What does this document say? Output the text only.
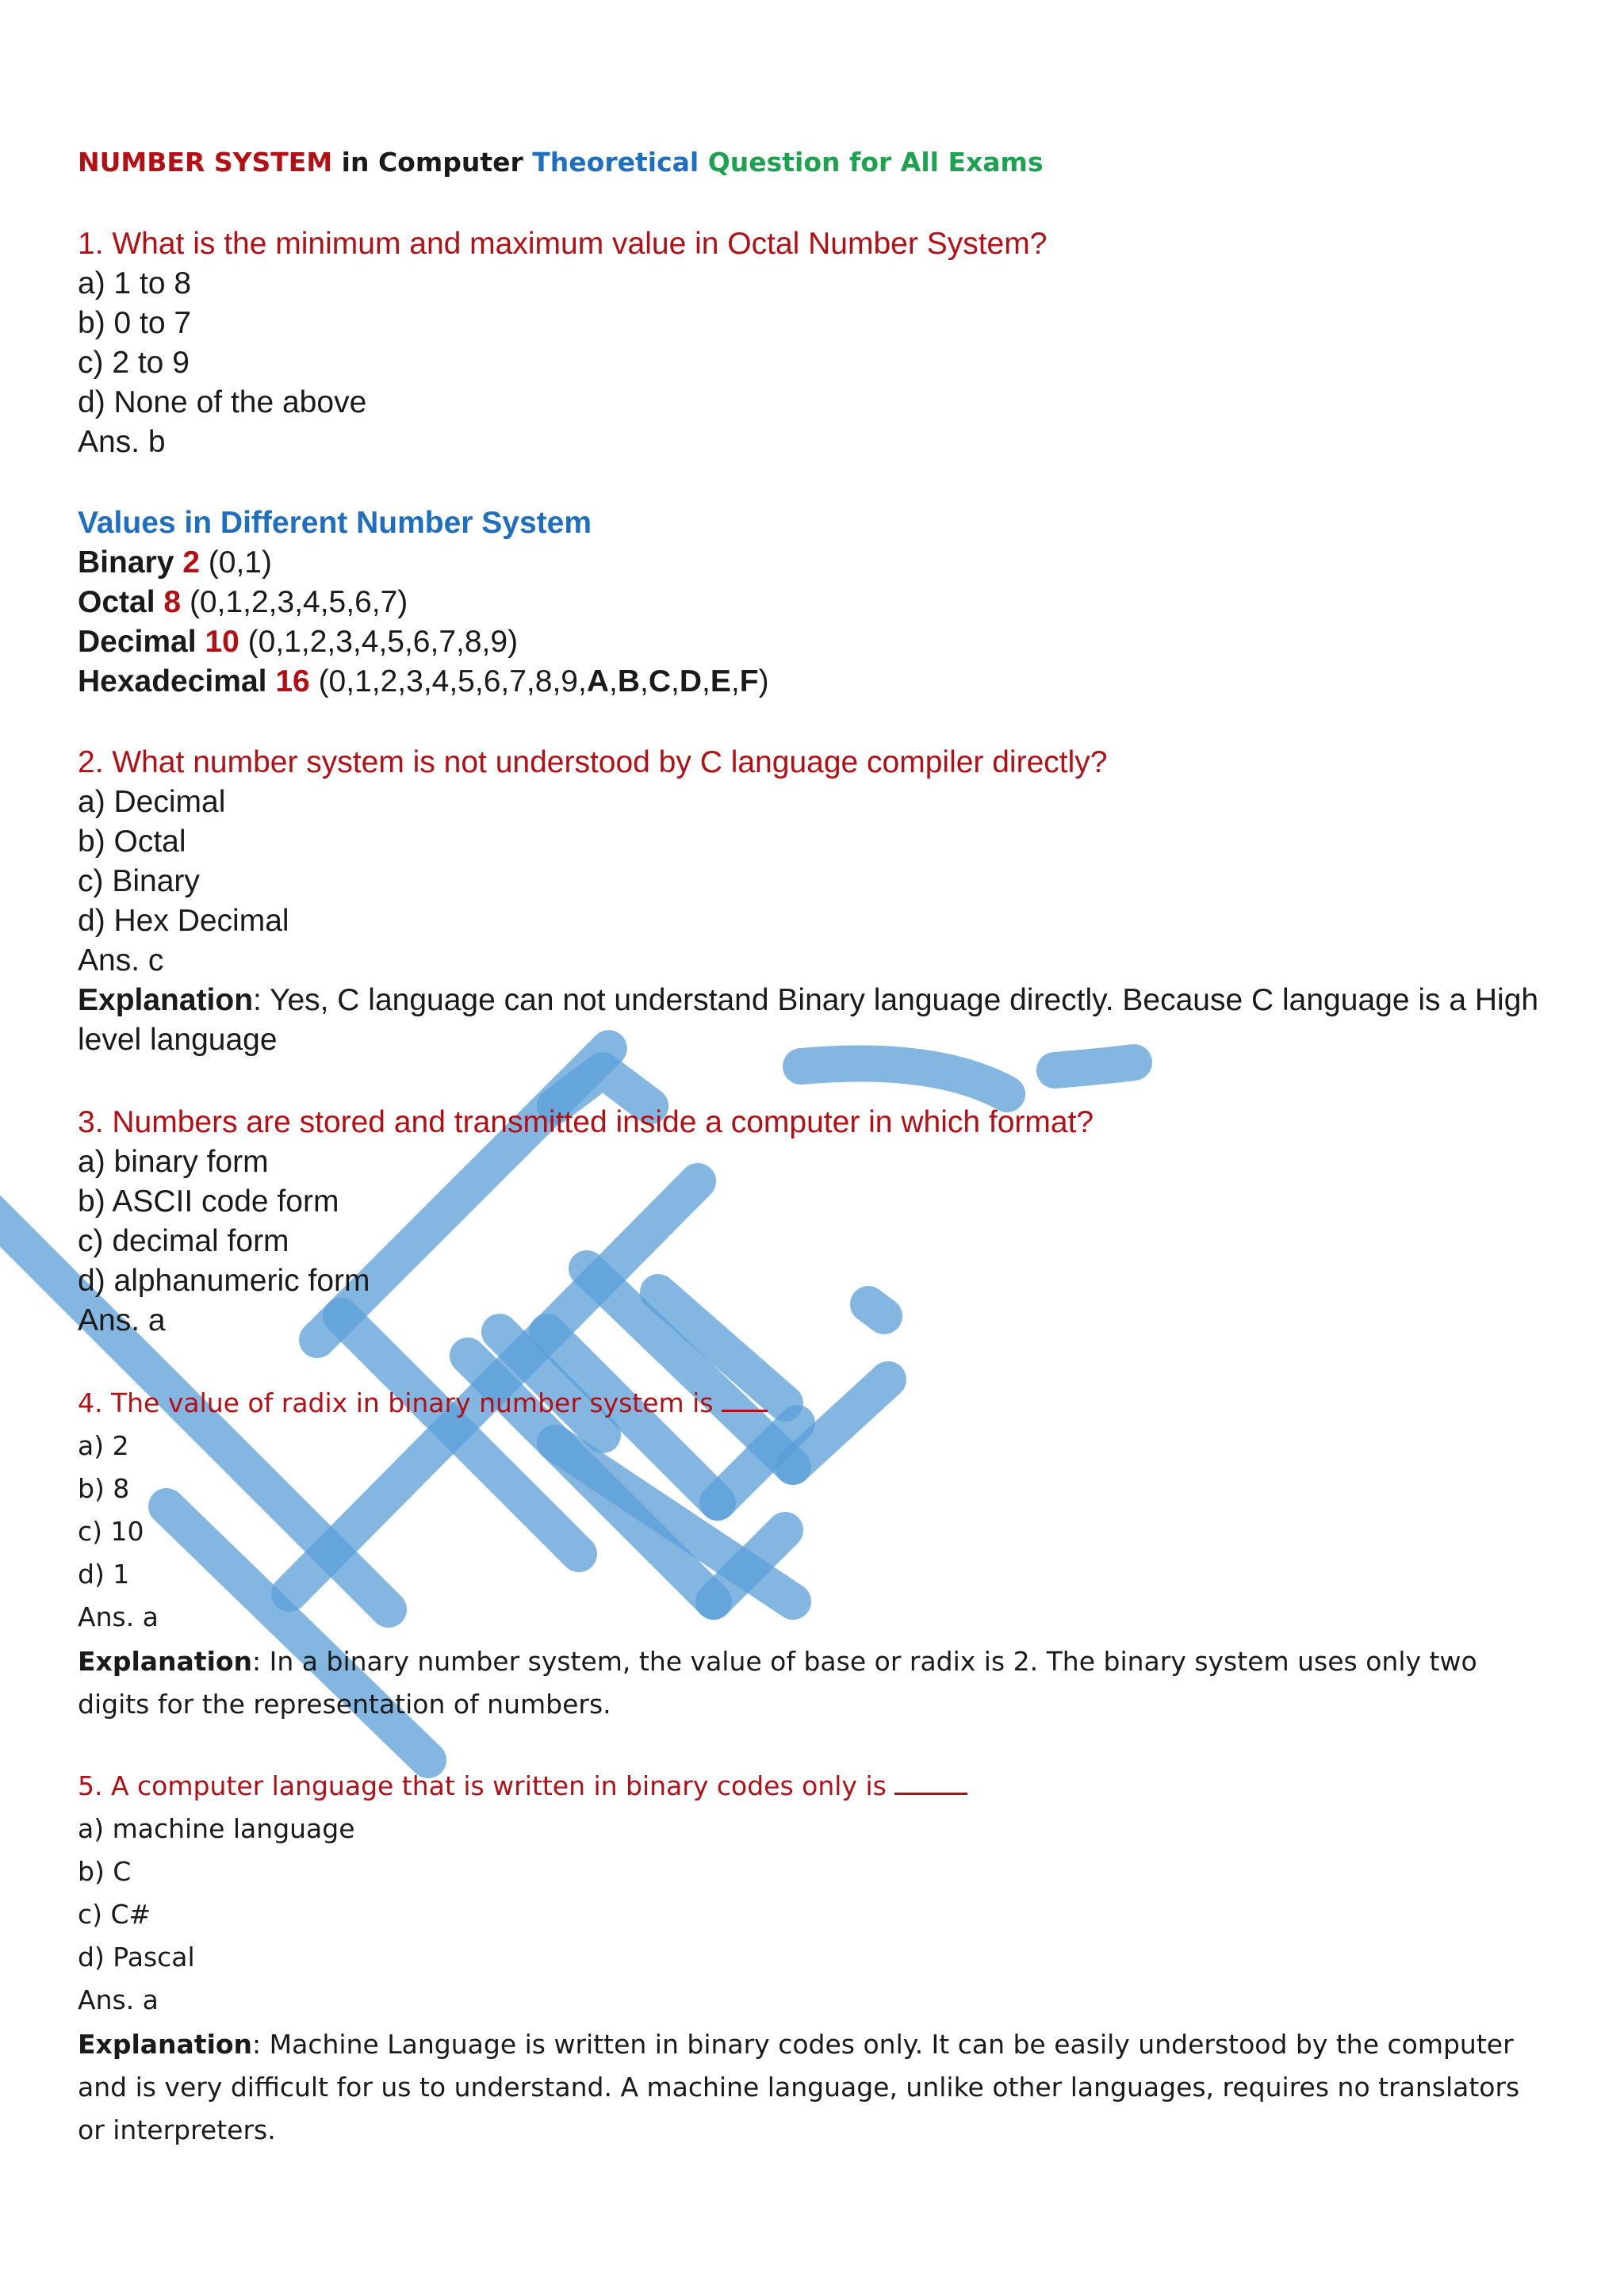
NUMBER SYSTEM in Computer Theoretical Question for All Exams
1. What is the minimum and maximum value in Octal Number System?
a) 1 to 8
b) 0 to 7
c) 2 to 9
d) None of the above
Ans. b
Values in Different Number System
Binary 2 (0,1)
Octal 8 (0,1,2,3,4,5,6,7)
Decimal 10 (0,1,2,3,4,5,6,7,8,9)
Hexadecimal 16 (0,1,2,3,4,5,6,7,8,9,A,B,C,D,E,F)
2. What number system is not understood by C language compiler directly?
a) Decimal
b) Octal
c) Binary
d) Hex Decimal
Ans. c
Explanation: Yes, C language can not understand Binary language directly. Because C language is a High level language
3. Numbers are stored and transmitted inside a computer in which format?
a) binary form
b) ASCII code form
c) decimal form
d) alphanumeric form
Ans. a
4. The value of radix in binary number system is
a) 2
b) 8
c) 10
d) 1
Ans. a
Explanation: In a binary number system, the value of base or radix is 2. The binary system uses only two digits for the representation of numbers.
5. A computer language that is written in binary codes only is
a) machine language
b) C
c) C#
d) Pascal
Ans. a
Explanation: Machine Language is written in binary codes only. It can be easily understood by the computer and is very difficult for us to understand. A machine language, unlike other languages, requires no translators or interpreters.
